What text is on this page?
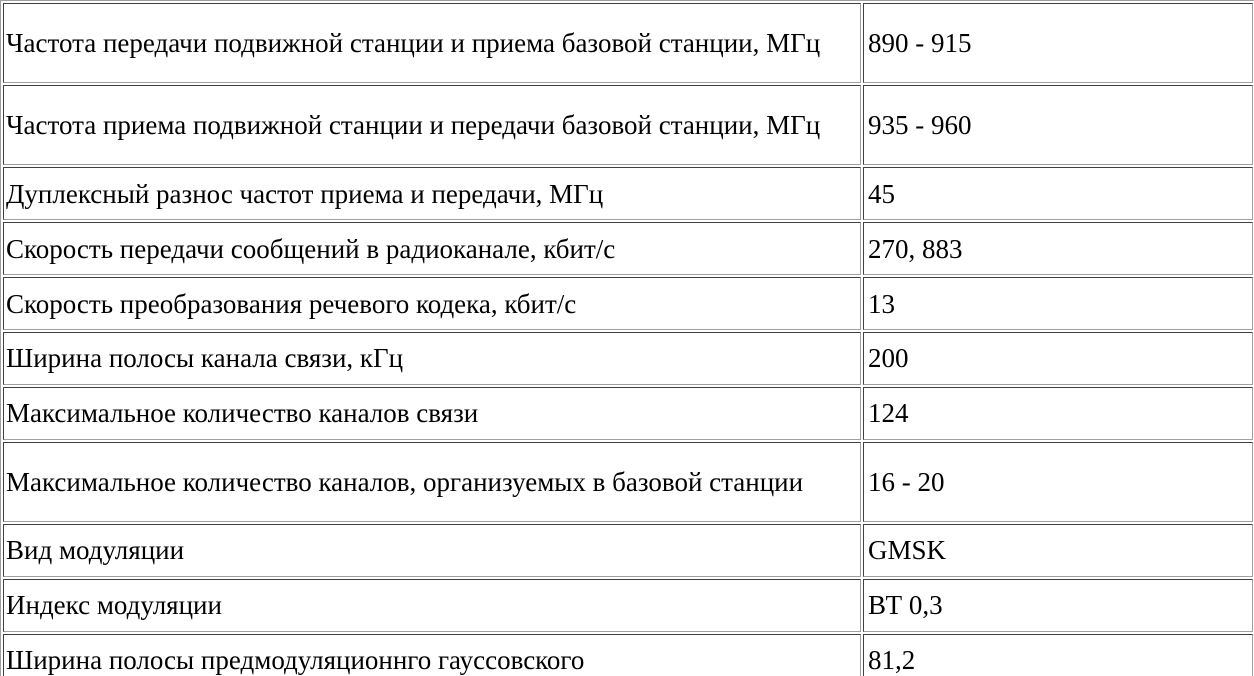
Частота передачи подвижной станции и приема базовой станции, МГц	890 - 915
Частота приема подвижной станции и передачи базовой станции, МГц	935 - 960
Дуплексный разнос частот приема и передачи, МГц	45
Скорость передачи сообщений в радиоканале, кбит/с	270, 883
Скорость преобразования речевого кодека, кбит/с	13
Ширина полосы канала связи, кГц	200
Максимальное количество каналов связи	124
Максимальное количество каналов, организуемых в базовой станции	16 - 20
Вид модуляции	GMSK
Индекс модуляции	ВТ 0,3
Ширина полосы предмодуляционнго гауссовского	81,2
